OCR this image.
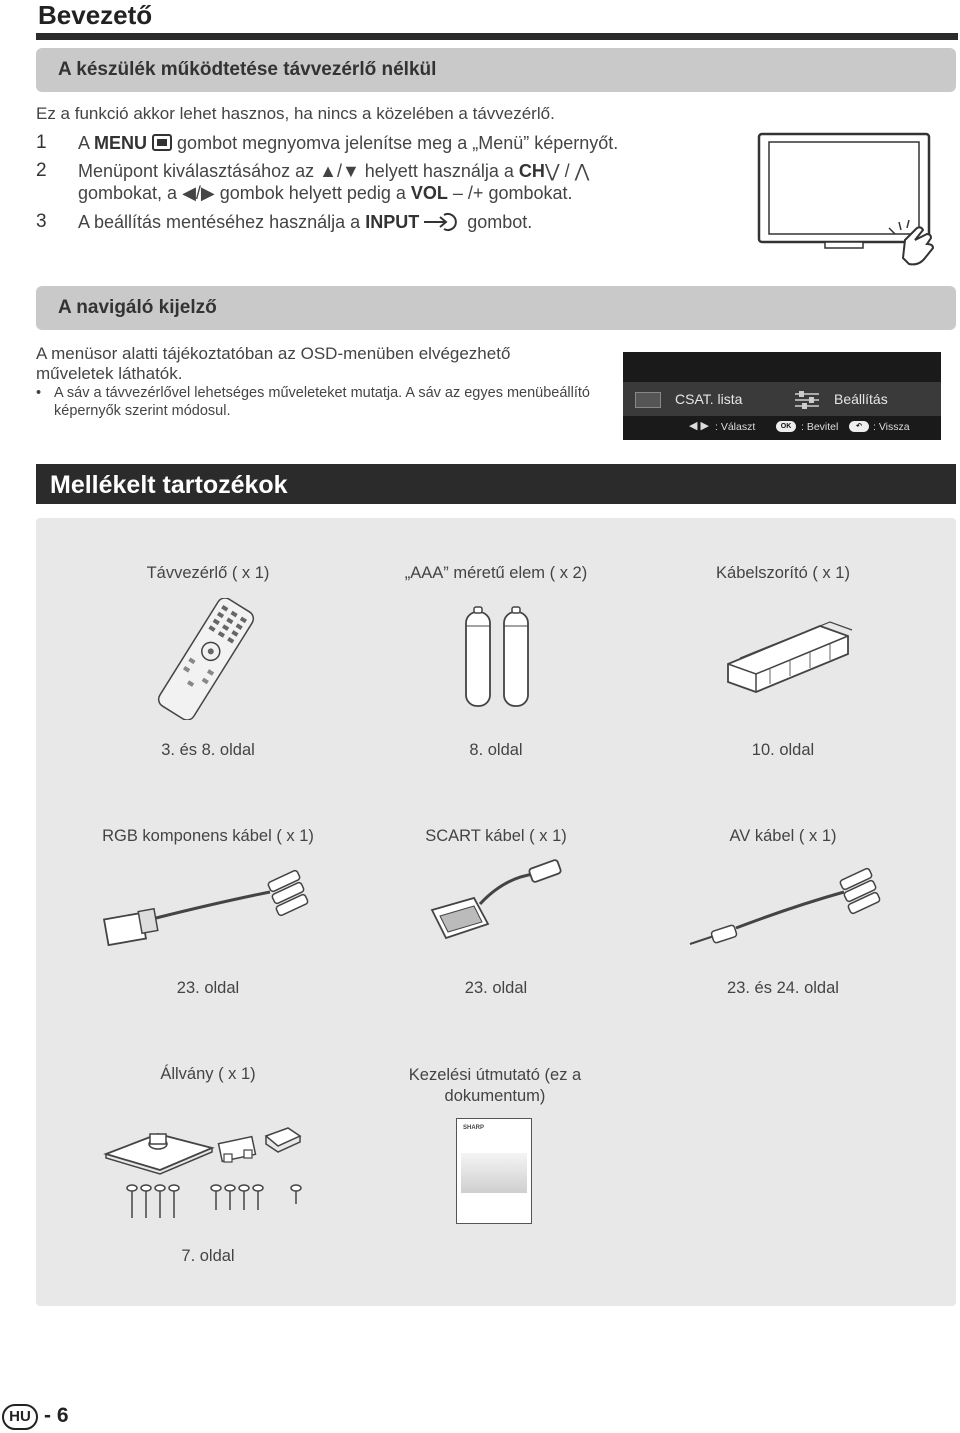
Bevezető
A készülék működtetése távvezérlő nélkül
Ez a funkció akkor lehet hasznos, ha nincs a közelében a távvezérlő.
1 A MENU
gombot megnyomva jelenítse meg a „Menü” képernyőt.
2 Menüpont kiválasztásához az ▲/▼ helyett használja a CH⋁ / ⋀
gombokat, a ◀/▶ gombok helyett pedig a VOL – /+ gombokat.
3 A beállítás mentéséhez használja a INPUT	gombot.
A navigáló kijelző
A menüsor alatti tájékoztatóban az OSD-menüben elvégezhető műveletek láthatók.
• A sáv a távvezérlővel lehetséges műveleteket mutatja. A sáv az egyes menübeállító képernyők szerint módosul.
CSAT. lista	Beállítás
◀ ▶ : Választ	OK : Bevitel	↶	: Vissza
Mellékelt tartozékok
Távvezérlő ( x 1)	„AAA” méretű elem ( x 2)	Kábelszorító ( x 1)
3. és 8. oldal	8. oldal	10. oldal
RGB komponens kábel ( x 1)	SCART kábel ( x 1)	AV kábel ( x 1)
23. oldal	23. oldal	23. és 24. oldal
Állvány ( x 1)	Kezelési útmutató (ez a dokumentum)
SHARP
7. oldal
HU - 6
